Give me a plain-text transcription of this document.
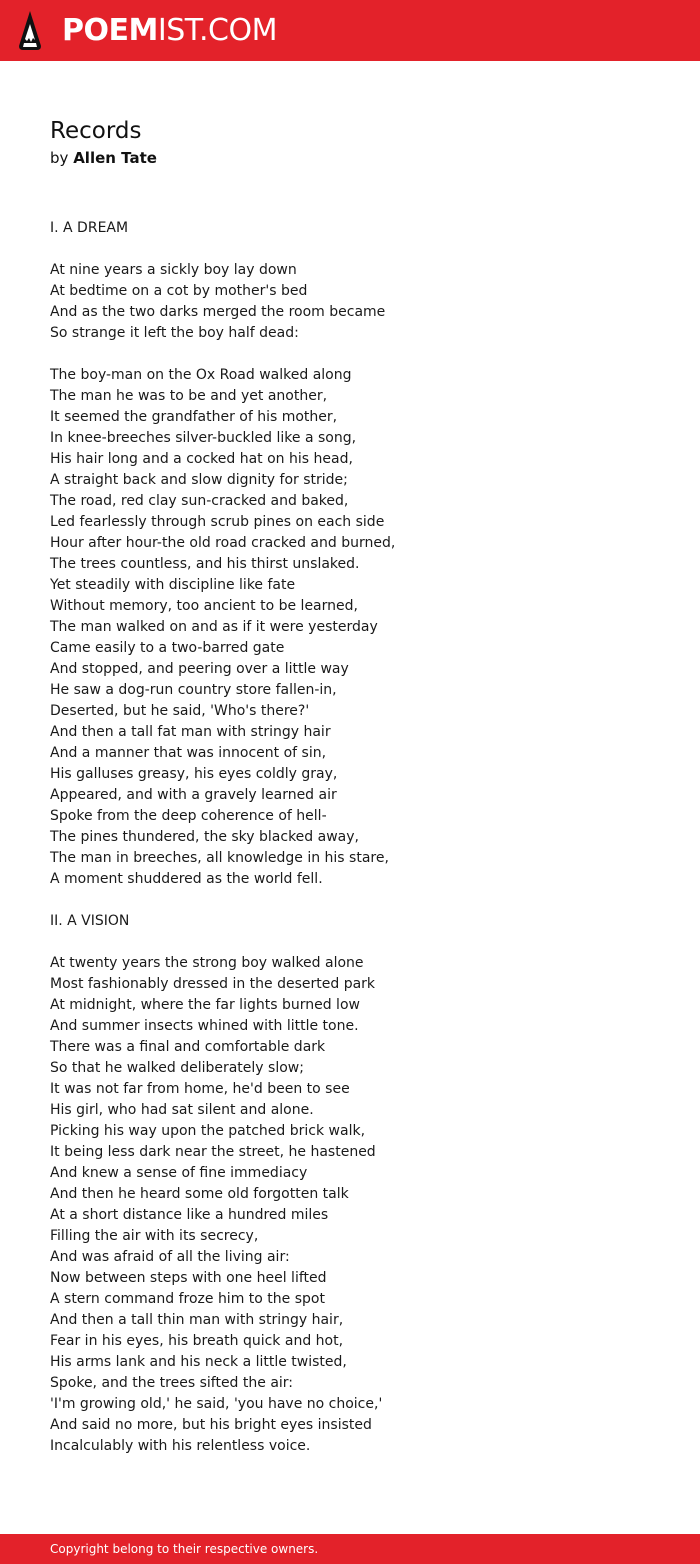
POEMIST.COM
Records
by Allen Tate
I. A DREAM
At nine years a sickly boy lay down
At bedtime on a cot by mother's bed
And as the two darks merged the room became
So strange it left the boy half dead:
The boy-man on the Ox Road walked along
The man he was to be and yet another,
It seemed the grandfather of his mother,
In knee-breeches silver-buckled like a song,
His hair long and a cocked hat on his head,
A straight back and slow dignity for stride;
The road, red clay sun-cracked and baked,
Led fearlessly through scrub pines on each side
Hour after hour-the old road cracked and burned,
The trees countless, and his thirst unslaked.
Yet steadily with discipline like fate
Without memory, too ancient to be learned,
The man walked on and as if it were yesterday
Came easily to a two-barred gate
And stopped, and peering over a little way
He saw a dog-run country store fallen-in,
Deserted, but he said, 'Who's there?'
And then a tall fat man with stringy hair
And a manner that was innocent of sin,
His galluses greasy, his eyes coldly gray,
Appeared, and with a gravely learned air
Spoke from the deep coherence of hell-
The pines thundered, the sky blacked away,
The man in breeches, all knowledge in his stare,
A moment shuddered as the world fell.
II. A VISION
At twenty years the strong boy walked alone
Most fashionably dressed in the deserted park
At midnight, where the far lights burned low
And summer insects whined with little tone.
There was a final and comfortable dark
So that he walked deliberately slow;
It was not far from home, he'd been to see
His girl, who had sat silent and alone.
Picking his way upon the patched brick walk,
It being less dark near the street, he hastened
And knew a sense of fine immediacy
And then he heard some old forgotten talk
At a short distance like a hundred miles
Filling the air with its secrecy,
And was afraid of all the living air:
Now between steps with one heel lifted
A stern command froze him to the spot
And then a tall thin man with stringy hair,
Fear in his eyes, his breath quick and hot,
His arms lank and his neck a little twisted,
Spoke, and the trees sifted the air:
'I'm growing old,' he said, 'you have no choice,'
And said no more, but his bright eyes insisted
Incalculably with his relentless voice.
Copyright belong to their respective owners.
